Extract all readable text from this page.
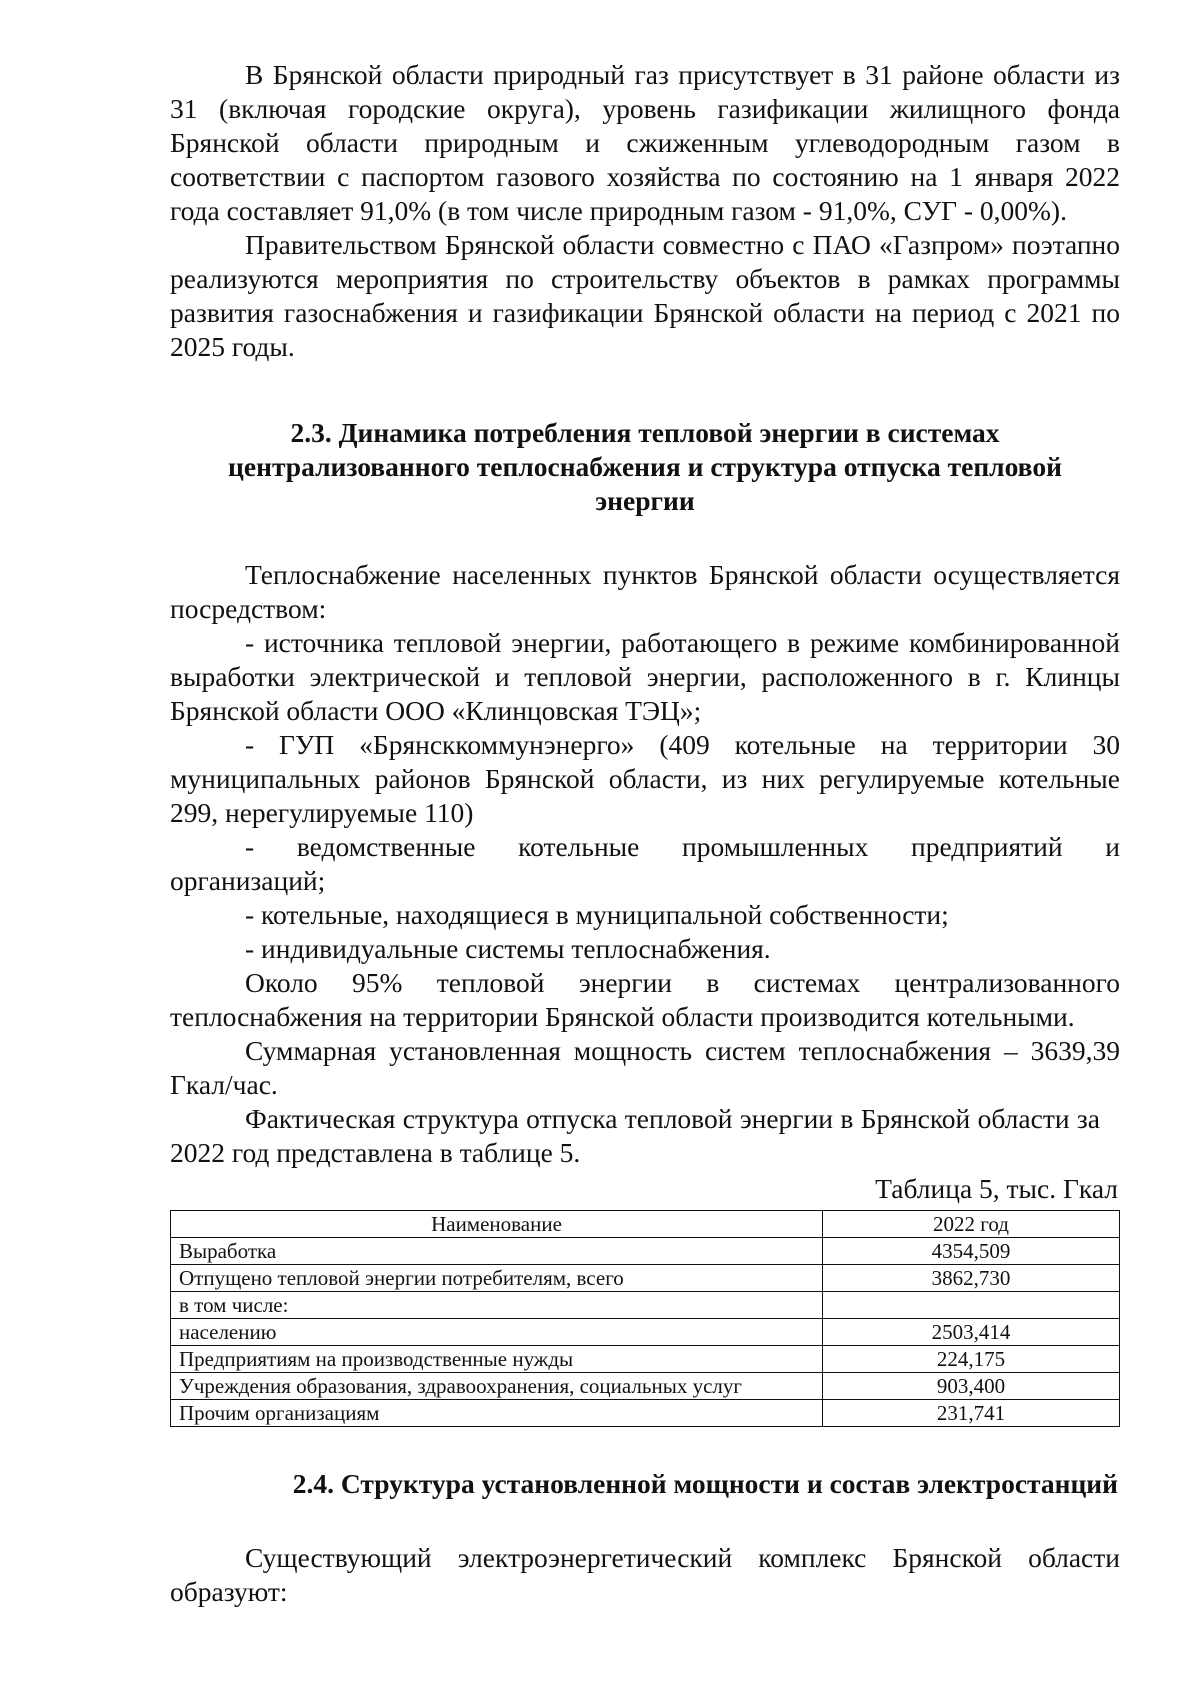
В Брянской области природный газ присутствует в 31 районе области из 31 (включая городские округа), уровень газификации жилищного фонда Брянской области природным и сжиженным углеводородным газом в соответствии с паспортом газового хозяйства по состоянию на 1 января 2022 года составляет 91,0% (в том числе природным газом - 91,0%, СУГ - 0,00%).

Правительством Брянской области совместно с ПАО «Газпром» поэтапно реализуются мероприятия по строительству объектов в рамках программы развития газоснабжения и газификации Брянской области на период с 2021 по 2025 годы.

2.3. Динамика потребления тепловой энергии в системах централизованного теплоснабжения и структура отпуска тепловой энергии

Теплоснабжение населенных пунктов Брянской области осуществляется посредством:

- источника тепловой энергии, работающего в режиме комбинированной выработки электрической и тепловой энергии, расположенного в г. Клинцы Брянской области ООО «Клинцовская ТЭЦ»;

- ГУП «Брянсккоммунэнерго» (409 котельные на территории 30 муниципальных районов Брянской области, из них регулируемые котельные 299, нерегулируемые 110)

- ведомственные котельные промышленных предприятий и

организаций;

- котельные, находящиеся в муниципальной собственности;

- индивидуальные системы теплоснабжения.

Около 95% тепловой энергии в системах централизованного теплоснабжения на территории Брянской области производится котельными.

Суммарная установленная мощность систем теплоснабжения – 3639,39 Гкал/час.

Фактическая структура отпуска тепловой энергии в Брянской области за 2022 год представлена в таблице 5.

Таблица 5, тыс. Гкал

Наименование	2022 год
Выработка	4354,509
Отпущено тепловой энергии потребителям, всего	3862,730
в том числе:	
населению	2503,414
Предприятиям на производственные нужды	224,175
Учреждения образования, здравоохранения, социальных услуг	903,400
Прочим организациям	231,741

2.4. Структура установленной мощности и состав электростанций

Существующий электроэнергетический комплекс Брянской области образуют:
